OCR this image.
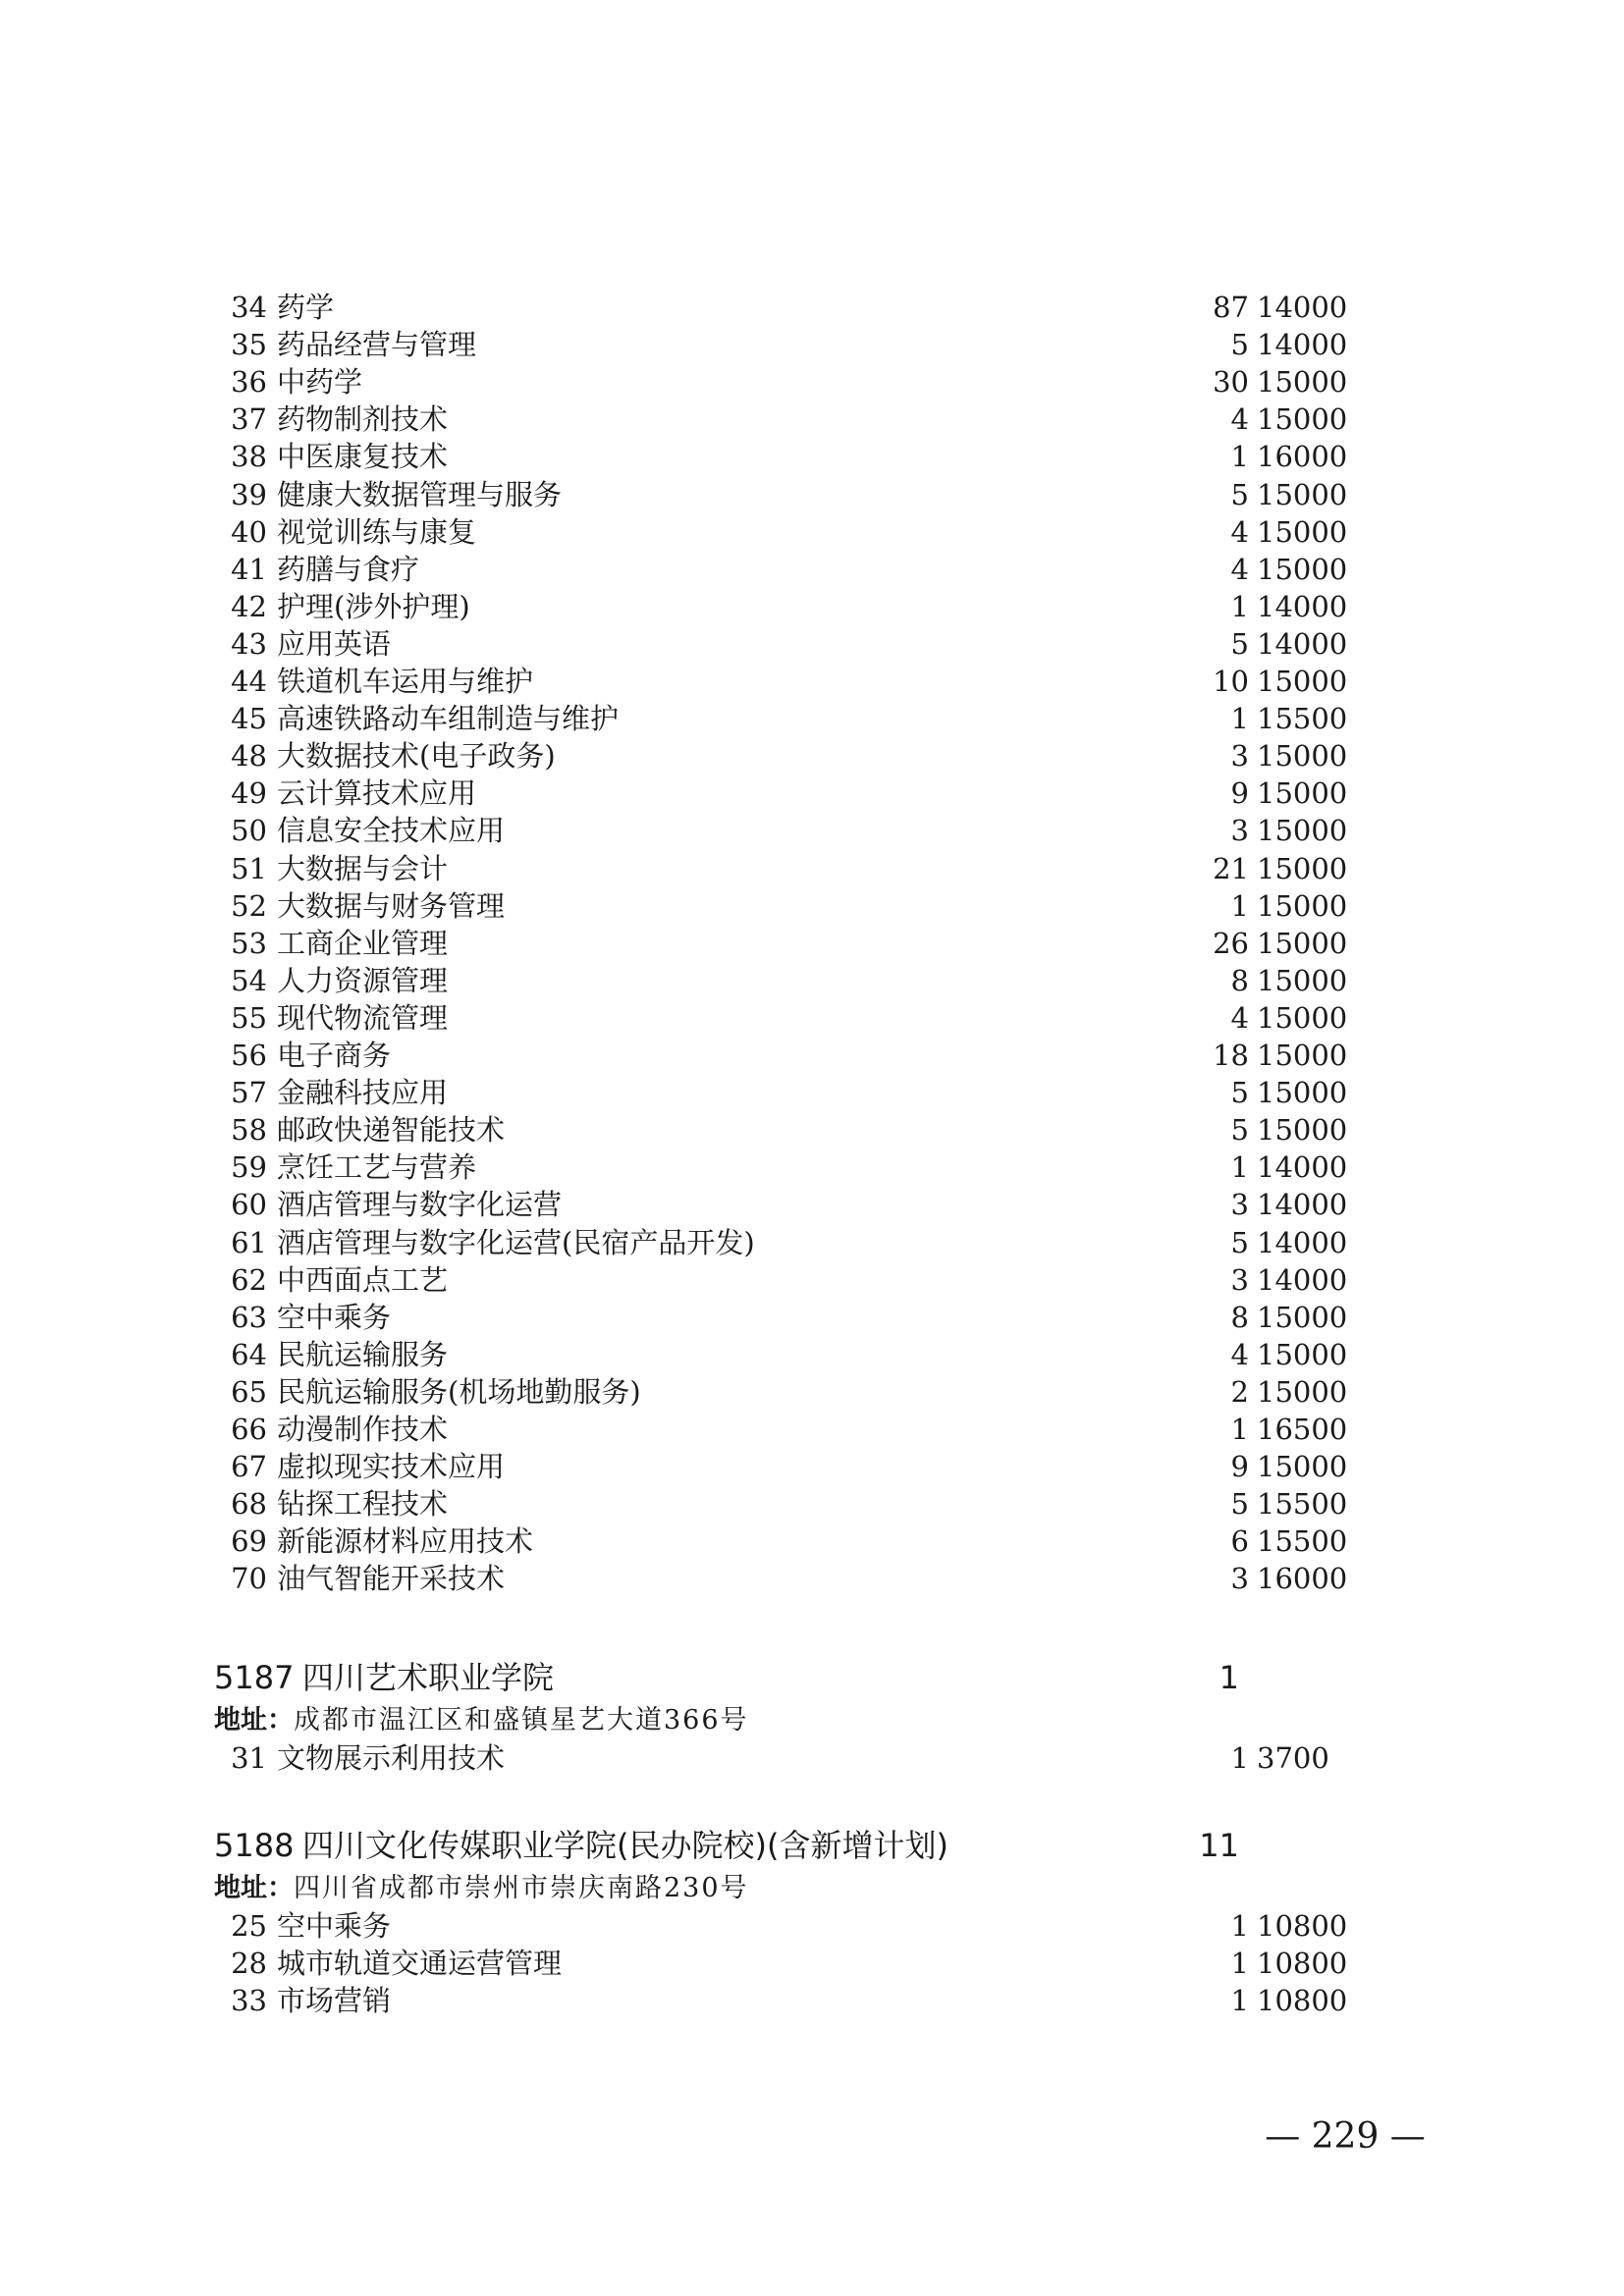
34 药学	87 14000
35 药品经营与管理	5 14000
36 中药学	30 15000
37 药物制剂技术	4 15000
38 中医康复技术	1 16000
39 健康大数据管理与服务	5 15000
40 视觉训练与康复	4 15000
41 药膳与食疗	4 15000
42 护理(涉外护理)	1 14000
43 应用英语	5 14000
44 铁道机车运用与维护	10 15000
45 高速铁路动车组制造与维护	1 15500
48 大数据技术(电子政务)	3 15000
49 云计算技术应用	9 15000
50 信息安全技术应用	3 15000
51 大数据与会计	21 15000
52 大数据与财务管理	1 15000
53 工商企业管理	26 15000
54 人力资源管理	8 15000
55 现代物流管理	4 15000
56 电子商务	18 15000
57 金融科技应用	5 15000
58 邮政快递智能技术	5 15000
59 烹饪工艺与营养	1 14000
60 酒店管理与数字化运营	3 14000
61 酒店管理与数字化运营(民宿产品开发)	5 14000
62 中西面点工艺	3 14000
63 空中乘务	8 15000
64 民航运输服务	4 15000
65 民航运输服务(机场地勤服务)	2 15000
66 动漫制作技术	1 16500
67 虚拟现实技术应用	9 15000
68 钻探工程技术	5 15500
69 新能源材料应用技术	6 15500
70 油气智能开采技术	3 16000
5187 四川艺术职业学院	1
地址：成都市温江区和盛镇星艺大道366号
31 文物展示利用技术	1 3700
5188 四川文化传媒职业学院(民办院校)(含新增计划)	11
地址：四川省成都市崇州市崇庆南路230号
25 空中乘务	1 10800
28 城市轨道交通运营管理	1 10800
33 市场营销	1 10800
— 229 —
